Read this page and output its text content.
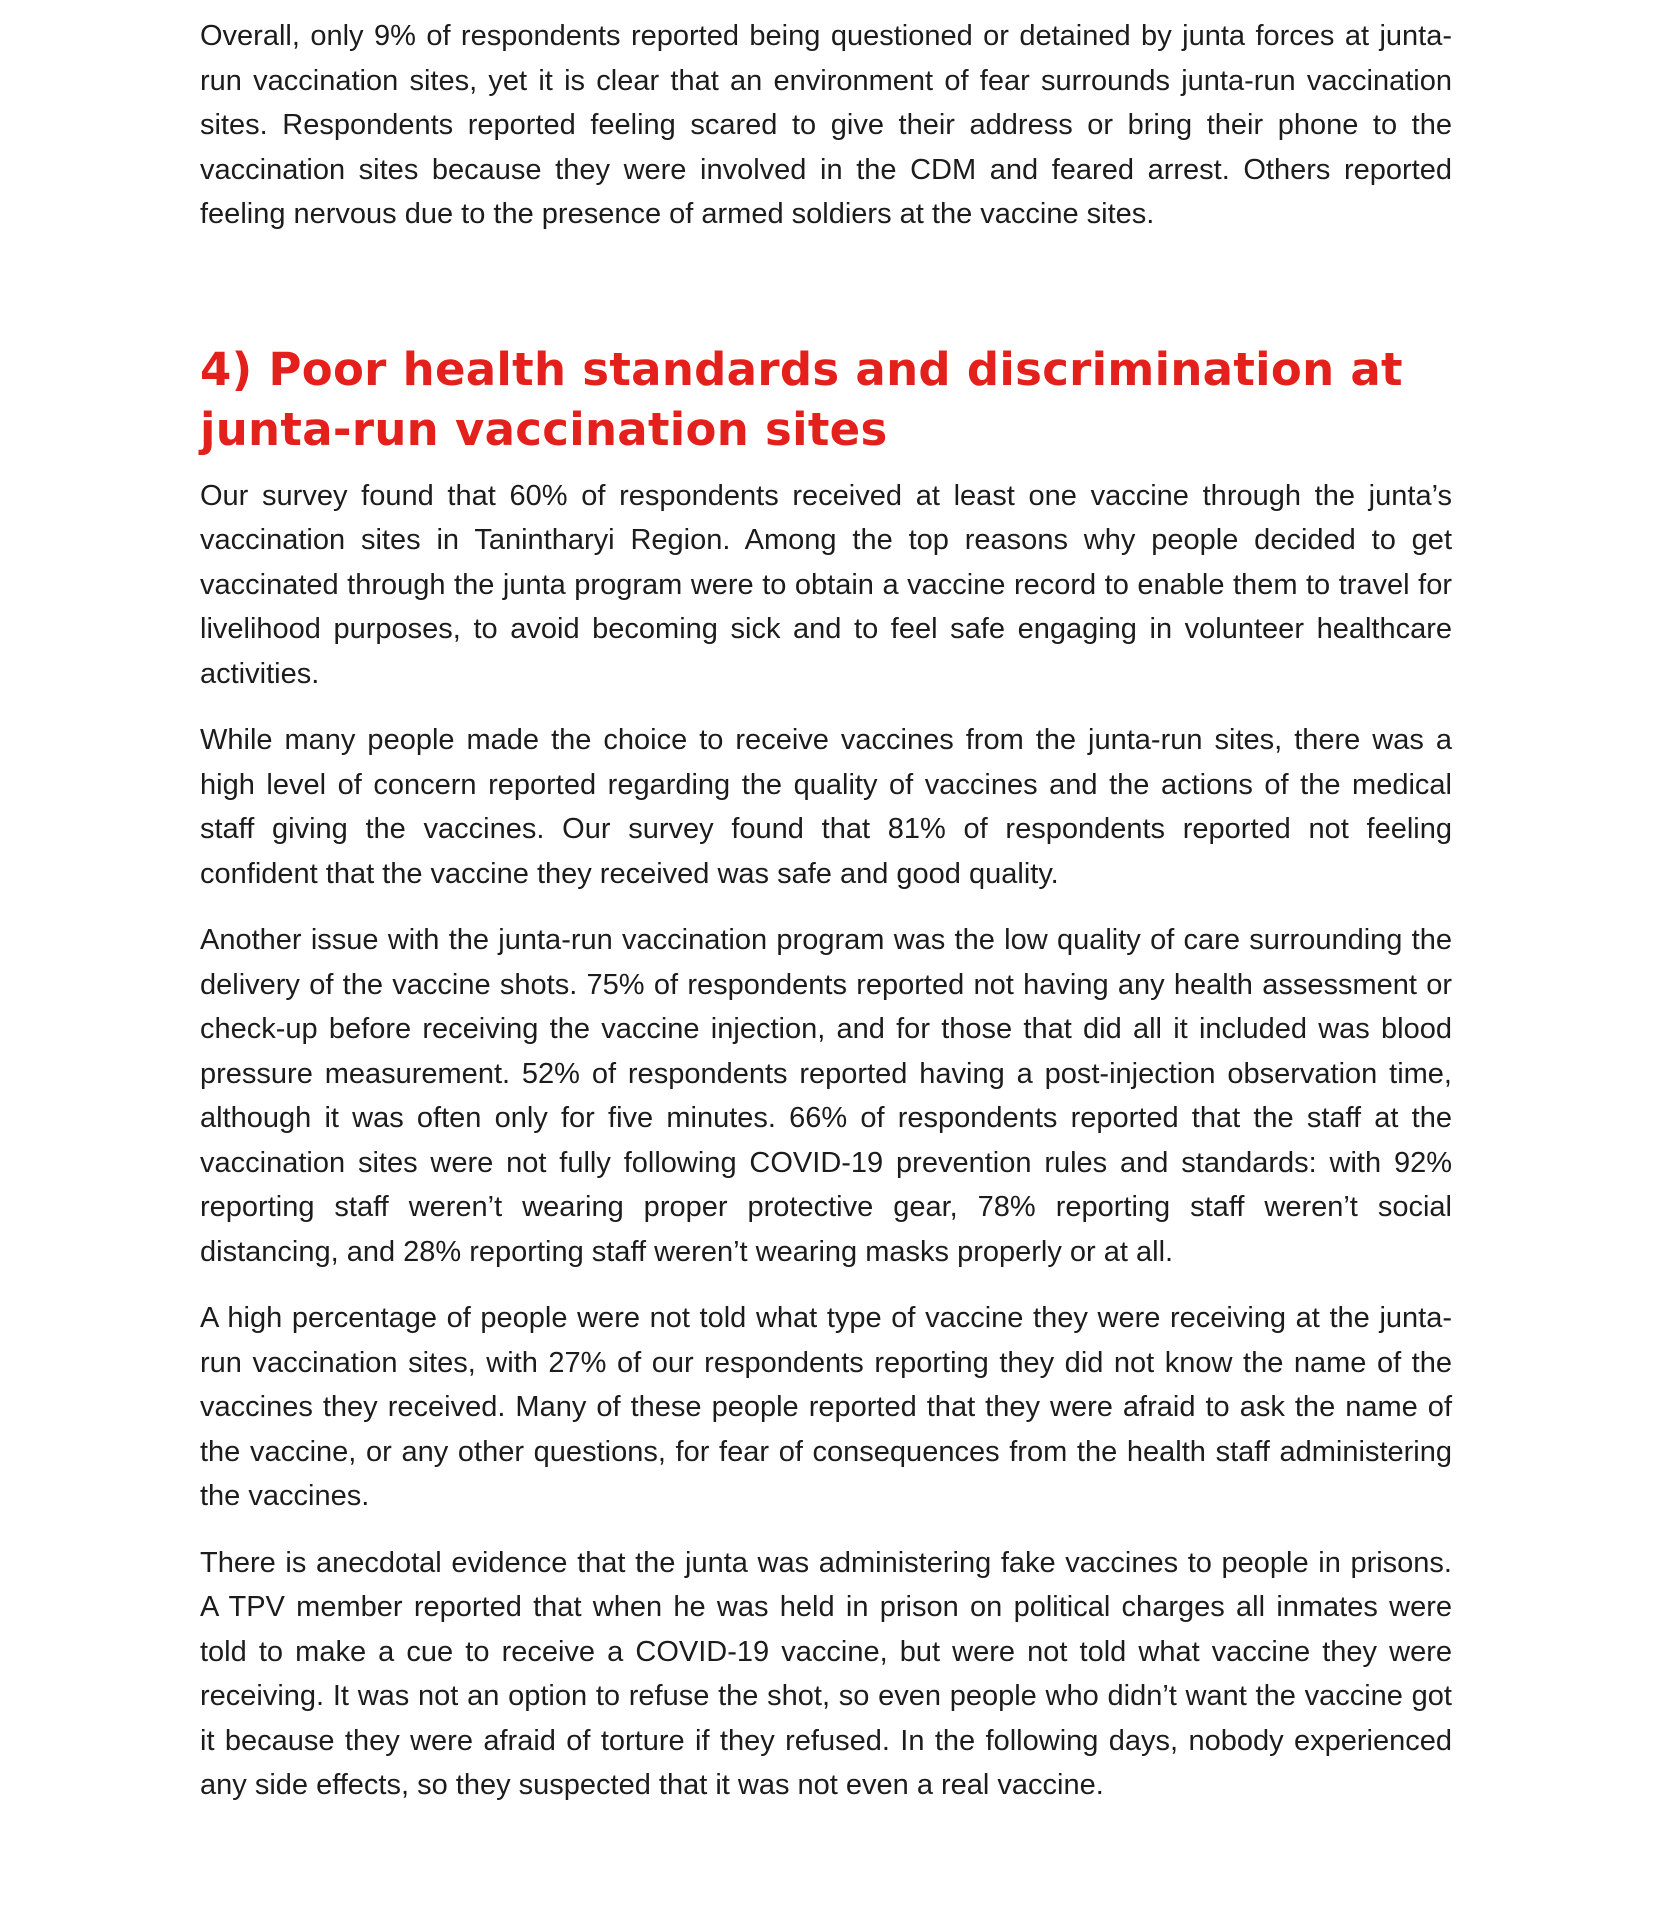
Overall, only 9% of respondents reported being questioned or detained by junta forces at junta-run vaccination sites, yet it is clear that an environment of fear surrounds junta-run vaccination sites. Respondents reported feeling scared to give their address or bring their phone to the vaccination sites because they were involved in the CDM and feared arrest. Others reported feeling nervous due to the presence of armed soldiers at the vaccine sites.

4) Poor health standards and discrimination at junta-run vaccination sites

Our survey found that 60% of respondents received at least one vaccine through the junta’s vaccination sites in Tanintharyi Region. Among the top reasons why people decided to get vaccinated through the junta program were to obtain a vaccine record to enable them to travel for livelihood purposes, to avoid becoming sick and to feel safe engaging in volunteer healthcare activities.

While many people made the choice to receive vaccines from the junta-run sites, there was a high level of concern reported regarding the quality of vaccines and the actions of the medical staff giving the vaccines. Our survey found that 81% of respondents reported not feeling confident that the vaccine they received was safe and good quality.

Another issue with the junta-run vaccination program was the low quality of care surrounding the delivery of the vaccine shots. 75% of respondents reported not having any health assessment or check-up before receiving the vaccine injection, and for those that did all it included was blood pressure measurement. 52% of respondents reported having a post-injection observation time, although it was often only for five minutes. 66% of respondents reported that the staff at the vaccination sites were not fully following COVID-19 prevention rules and standards: with 92% reporting staff weren’t wearing proper protective gear, 78% reporting staff weren’t social distancing, and 28% reporting staff weren’t wearing masks properly or at all.

A high percentage of people were not told what type of vaccine they were receiving at the junta-run vaccination sites, with 27% of our respondents reporting they did not know the name of the vaccines they received. Many of these people reported that they were afraid to ask the name of the vaccine, or any other questions, for fear of consequences from the health staff administering the vaccines.

There is anecdotal evidence that the junta was administering fake vaccines to people in prisons. A TPV member reported that when he was held in prison on political charges all inmates were told to make a cue to receive a COVID-19 vaccine, but were not told what vaccine they were receiving. It was not an option to refuse the shot, so even people who didn’t want the vaccine got it because they were afraid of torture if they refused. In the following days, nobody experienced any side effects, so they suspected that it was not even a real vaccine.
